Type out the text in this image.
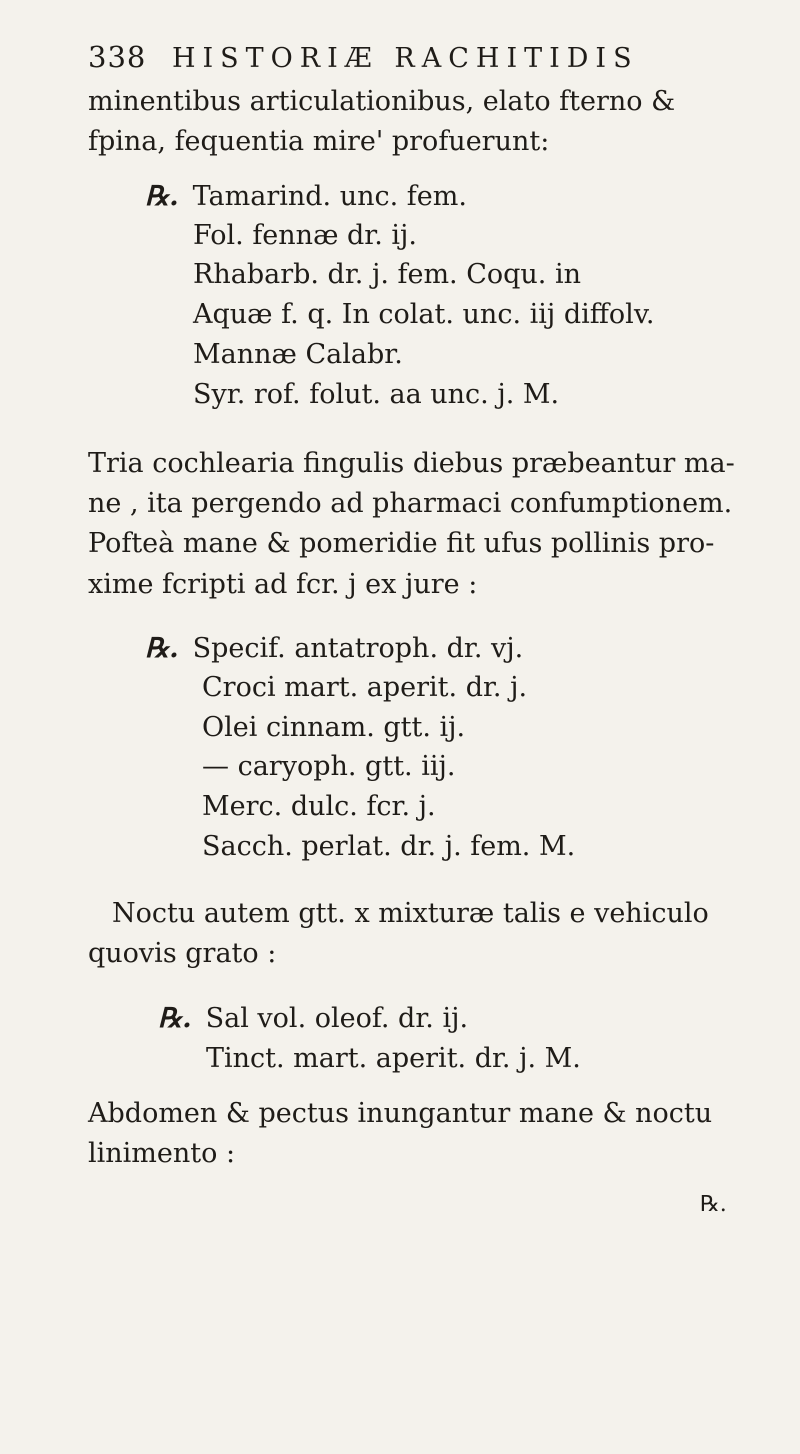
338 HISTORIÆ RACHITIDIS
minentibus articulationibus, elato fterno &
fpina, fequentia mire' profuerunt:
℞. Tamarind. unc. fem.
Fol. fennæ dr. ij.
Rhabarb. dr. j. fem. Coqu. in
Aquæ f. q. In colat. unc. iij diffolv.
Mannæ Calabr.
Syr. rof. folut. aa unc. j. M.
Tria cochlearia fingulis diebus præbeantur ma-
ne , ita pergendo ad pharmaci confumptionem.
Pofteà mane & pomeridie fit ufus pollinis pro-
xime fcripti ad fcr. j ex jure :
℞. Specif. antatroph. dr. vj.
Croci mart. aperit. dr. j.
Olei cinnam. gtt. ij.
— caryoph. gtt. iij.
Merc. dulc. fcr. j.
Sacch. perlat. dr. j. fem. M.
Noctu autem gtt. x mixturæ talis e vehiculo
quovis grato :
℞. Sal vol. oleof. dr. ij.
Tinct. mart. aperit. dr. j. M.
Abdomen & pectus inungantur mane & noctu
linimento :
℞.
